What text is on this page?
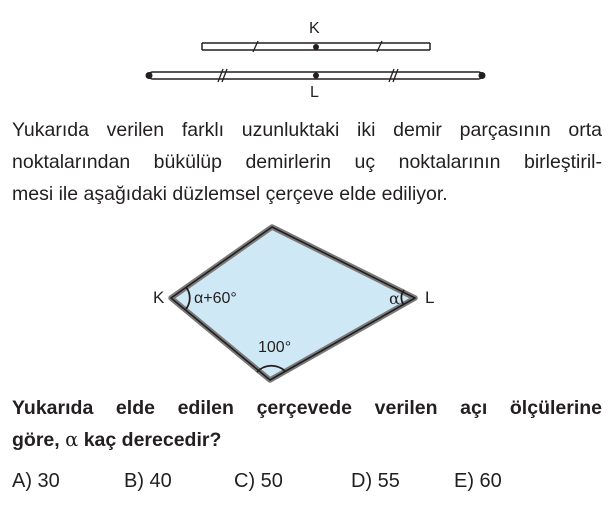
K
L
Yukarıda verilen farklı uzunluktaki iki demir parçasının orta
noktalarından bükülüp demirlerin uç noktalarının birleştiril-
mesi ile aşağıdaki düzlemsel çerçeve elde ediliyor.
K	L
α+60°	α
100°
Yukarıda elde edilen çerçevede verilen açı ölçülerine
göre, α kaç derecedir?
A) 30	B) 40	C) 50	D) 55	E) 60
